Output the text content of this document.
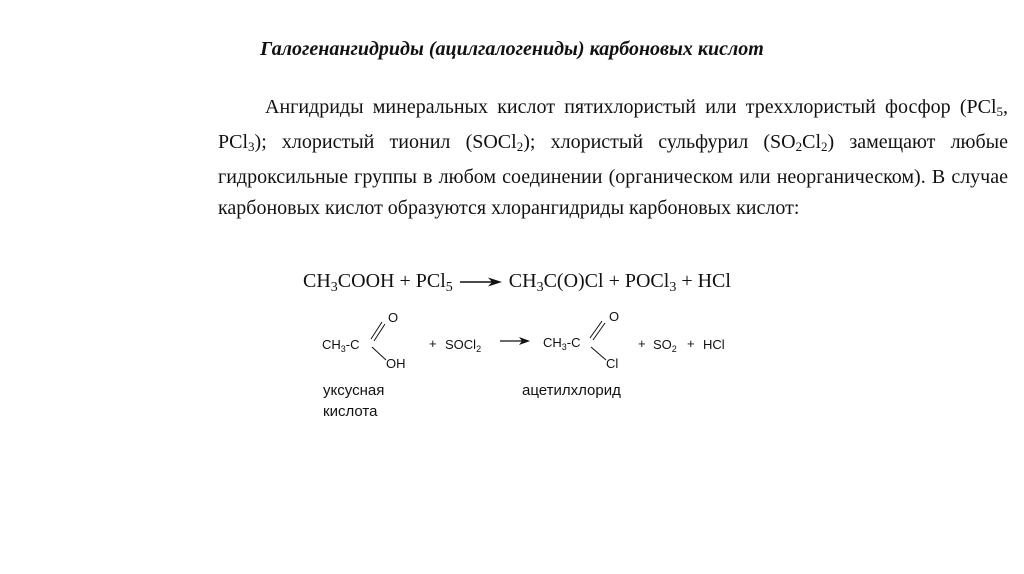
Галогенангидриды (ацилгалогениды) карбоновых кислот
Ангидриды минеральных кислот пятихлористый или треххлористый фосфор (PCl$_5$, PCl$_3$); хлористый тионил (SOCl$_2$); хлористый сульфурил $(SO_2Cl_2)$ замещают любые гидроксильные группы в любом соединении (органическом или неорганическом). В случае карбоновых кислот образуются хлорангидриды карбоновых кислот:
$CH_3COOH + PCl_5 \to CH_3C(O)Cl$ + POCl$_3$ + HCl
$CH_3-C$
O
OH
+ SOCl$_2$	$CH_3-C$
O
Cl
+ $SO_2$ + HCl
уксусная
кислота
ацетилхлорид
